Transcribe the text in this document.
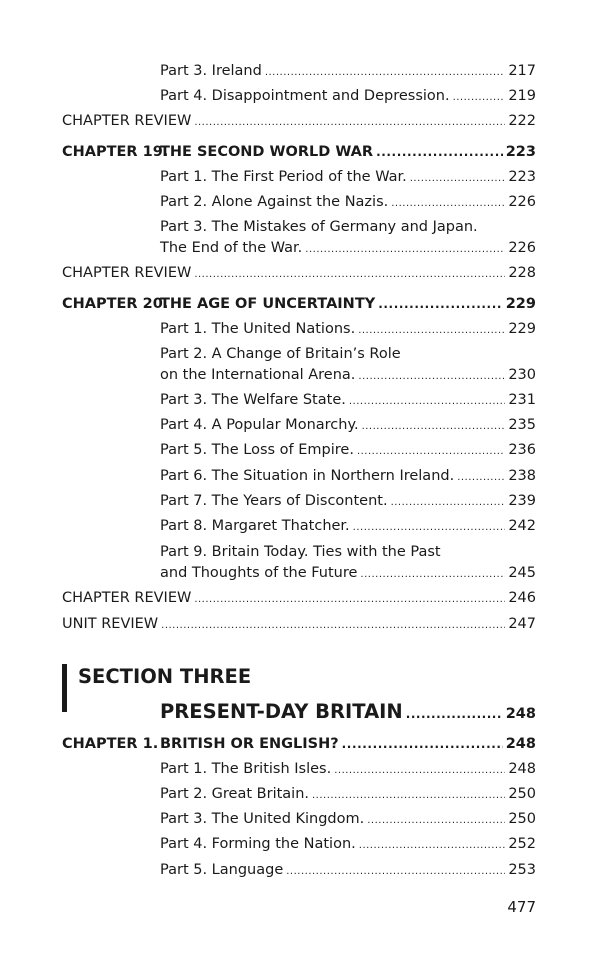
Part 3. Ireland .....	217
Part 4. Disappointment and Depression. .....	219
CHAPTER REVIEW .....	222
CHAPTER 19.
THE SECOND WORLD WAR .....	223
Part 1. The First Period of the War. .....	223
Part 2. Alone Against the Nazis. .....	226
Part 3. The Mistakes of Germany and Japan.
The End of the War. .....	226
CHAPTER REVIEW .....	228
CHAPTER 20.
THE AGE OF UNCERTAINTY .....	229
Part 1. The United Nations. .....	229
Part 2. A Change of Britain’s Role
on the International Arena. .....	230
Part 3. The Welfare State. .....	231
Part 4. A Popular Monarchy. .....	235
Part 5. The Loss of Empire. .....	236
Part 6. The Situation in Northern Ireland. .....	238
Part 7. The Years of Discontent. .....	239
Part 8. Margaret Thatcher. .....	242
Part 9. Britain Today. Ties with the Past
and Thoughts of the Future .....	245
CHAPTER REVIEW .....	246
UNIT REVIEW .....	247
SECTION THREE
PRESENT-DAY BRITAIN .....	248
CHAPTER 1. BRITISH OR ENGLISH? .....	248
Part 1. The British Isles. .....	248
Part 2. Great Britain. .....	250
Part 3. The United Kingdom. .....	250
Part 4. Forming the Nation. .....	252
Part 5. Language .....	253
477
